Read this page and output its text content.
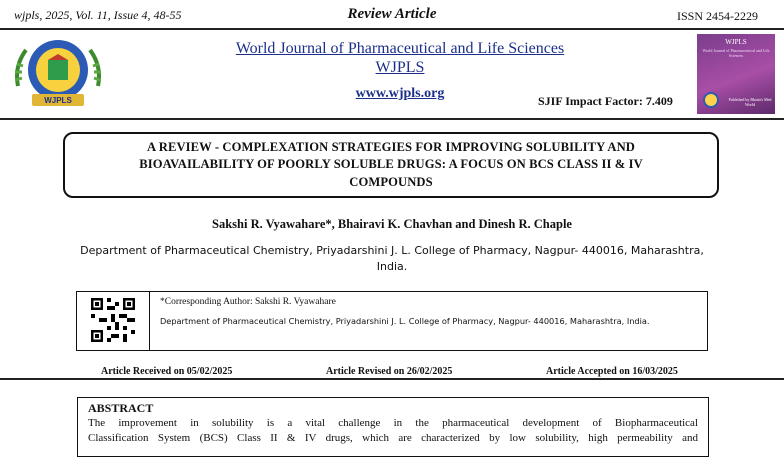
wjpls, 2025, Vol. 11, Issue 4, 48-55	Review Article	ISSN 2454-2229
WJPLS
World Journal of Pharmaceutical and Life Sciences
WJPLS
www.wjpls.org	SJIF Impact Factor: 7.409
WJPLS
World Journal of Pharmaceutical and Life Sciences
Published by Bhatia's Med World
A REVIEW - COMPLEXATION STRATEGIES FOR IMPROVING SOLUBILITY AND
BIOAVAILABILITY OF POORLY SOLUBLE DRUGS: A FOCUS ON BCS CLASS II & IV
COMPOUNDS
Sakshi R. Vyawahare*, Bhairavi K. Chavhan and Dinesh R. Chaple
Department of Pharmaceutical Chemistry, Priyadarshini J. L. College of Pharmacy, Nagpur- 440016, Maharashtra,
India.
*Corresponding Author: Sakshi R. Vyawahare
Department of Pharmaceutical Chemistry, Priyadarshini J. L. College of Pharmacy, Nagpur- 440016, Maharashtra, India.
Article Received on 05/02/2025	Article Revised on 26/02/2025	Article Accepted on 16/03/2025
ABSTRACT
The improvement in solubility is a vital challenge in the pharmaceutical development of Biopharmaceutical
Classification System (BCS) Class II & IV drugs, which are characterized by low solubility, high permeability and
